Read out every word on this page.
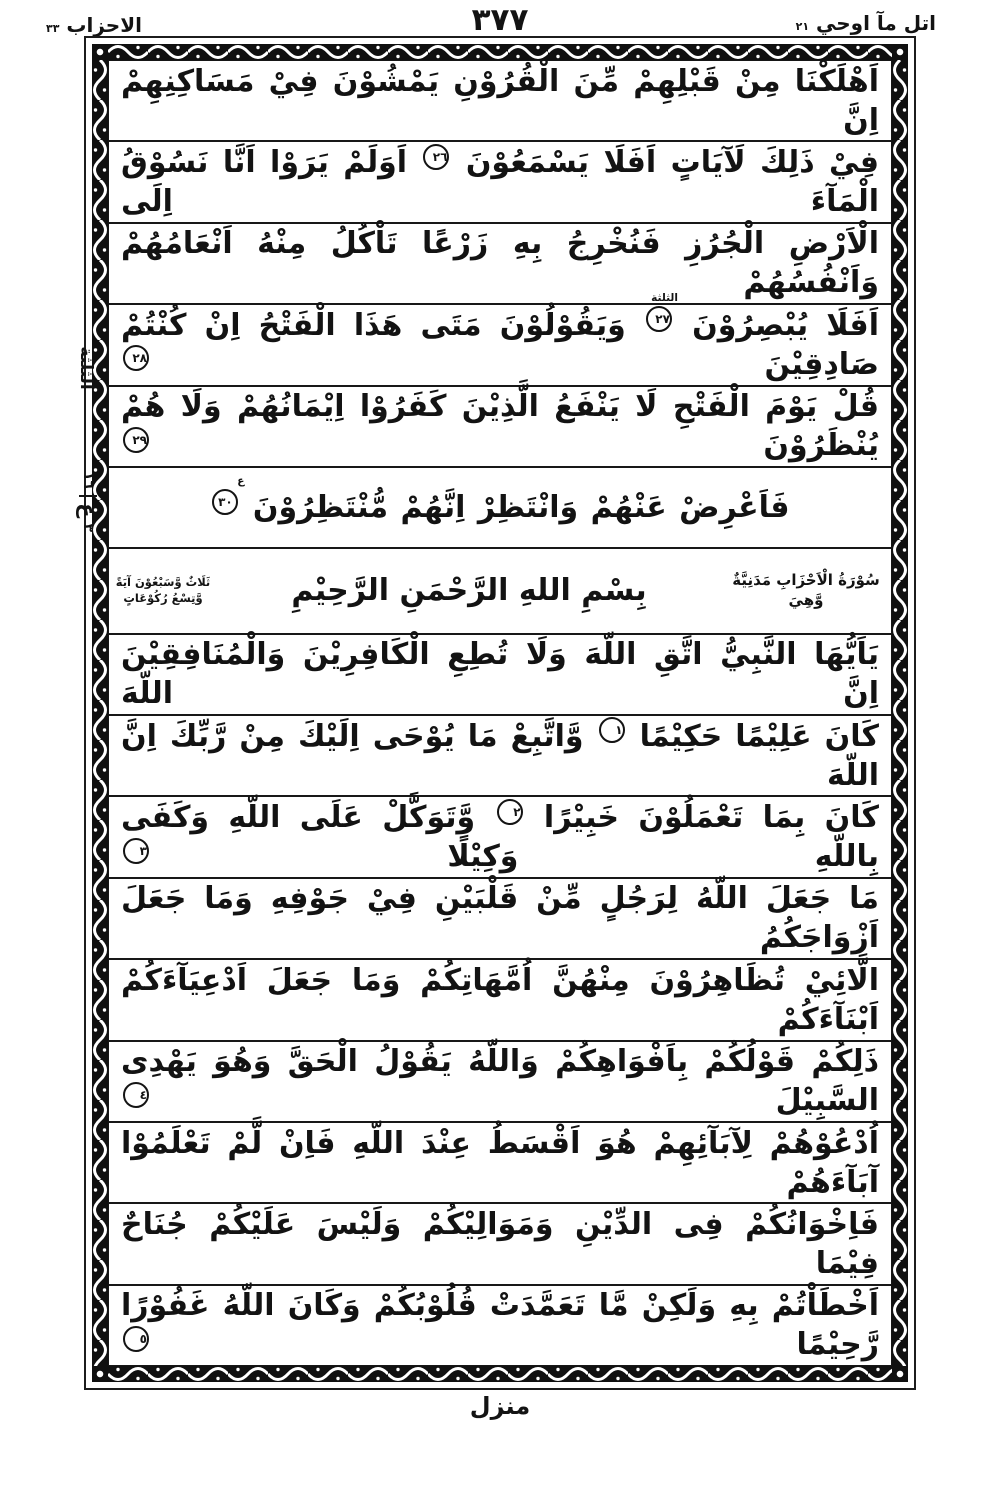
اتل مآ اوحي ٢١
٣٧٧
الاحزاب ٣٣
اَهْلَكْنَا مِنْ قَبْلِهِمْ مِّنَ الْقُرُوْنِ يَمْشُوْنَ فِيْ مَسَاكِنِهِمْ اِنَّ
فِيْ ذَلِكَ لَآيَاتٍ اَفَلَا يَسْمَعُوْنَ ٢٦ اَوَلَمْ يَرَوْا اَنَّا نَسُوْقُ الْمَآءَ اِلَى
الْاَرْضِ الْجُرُزِ فَنُخْرِجُ بِهِ زَرْعًا تَاْكُلُ مِنْهُ اَنْعَامُهُمْ وَاَنْفُسُهُمْ
اَفَلَا يُبْصِرُوْنَ ٢٧
الثلثة
وَيَقُوْلُوْنَ مَتَى هَذَا الْفَتْحُ اِنْ كُنْتُمْ صَادِقِيْنَ ٢٨
قُلْ يَوْمَ الْفَتْحِ لَا يَنْفَعُ الَّذِيْنَ كَفَرُوْا اِيْمَانُهُمْ وَلَا هُمْ يُنْظَرُوْنَ ٢٩
فَاَعْرِضْ عَنْهُمْ وَانْتَظِرْ اِنَّهُمْ مُّنْتَظِرُوْنَ ٣٠
ع
سُوْرَةُ الْاَحْزَابِ مَدَنِيَّةٌ وَّهِيَ
بِسْمِ اللهِ الرَّحْمَنِ الرَّحِيْمِ
ثَلَاثٌ وَّسَبْعُوْنَ آيَةً وَّتِسْعُ رُكُوْعَاتٍ
يَاَيُّهَا النَّبِيُّ اتَّقِ اللّهَ وَلَا تُطِعِ الْكَافِرِيْنَ وَالْمُنَافِقِيْنَ اِنَّ اللّهَ
كَانَ عَلِيْمًا حَكِيْمًا ١ وَّاتَّبِعْ مَا يُوْحَى اِلَيْكَ مِنْ رَّبِّكَ اِنَّ اللّهَ
كَانَ بِمَا تَعْمَلُوْنَ خَبِيْرًا ٢ وَّتَوَكَّلْ عَلَى اللّهِ وَكَفَى بِاللّهِ وَكِيْلًا ٣
مَا جَعَلَ اللّهُ لِرَجُلٍ مِّنْ قَلْبَيْنِ فِيْ جَوْفِهِ وَمَا جَعَلَ اَزْوَاجَكُمُ
الَّائِيْ تُظَاهِرُوْنَ مِنْهُنَّ اُمَّهَاتِكُمْ وَمَا جَعَلَ اَدْعِيَآءَكُمْ اَبْنَآءَكُمْ
ذَلِكُمْ قَوْلُكُمْ بِاَفْوَاهِكُمْ وَاللّهُ يَقُوْلُ الْحَقَّ وَهُوَ يَهْدِى السَّبِيْلَ ٤
اُدْعُوْهُمْ لِآبَآئِهِمْ هُوَ اَقْسَطُ عِنْدَ اللّهِ فَاِنْ لَّمْ تَعْلَمُوْا آبَآءَهُمْ
فَاِخْوَانُكُمْ فِى الدِّيْنِ وَمَوَالِيْكُمْ وَلَيْسَ عَلَيْكُمْ جُنَاحٌ فِيْمَا
اَخْطَاْتُمْ بِهِ وَلَكِنْ مَّا تَعَمَّدَتْ قُلُوْبُكُمْ وَكَانَ اللّهُ غَفُوْرًا رَّحِيْمًا ٥
الثلثة
٣
ع
١٦
منزل
